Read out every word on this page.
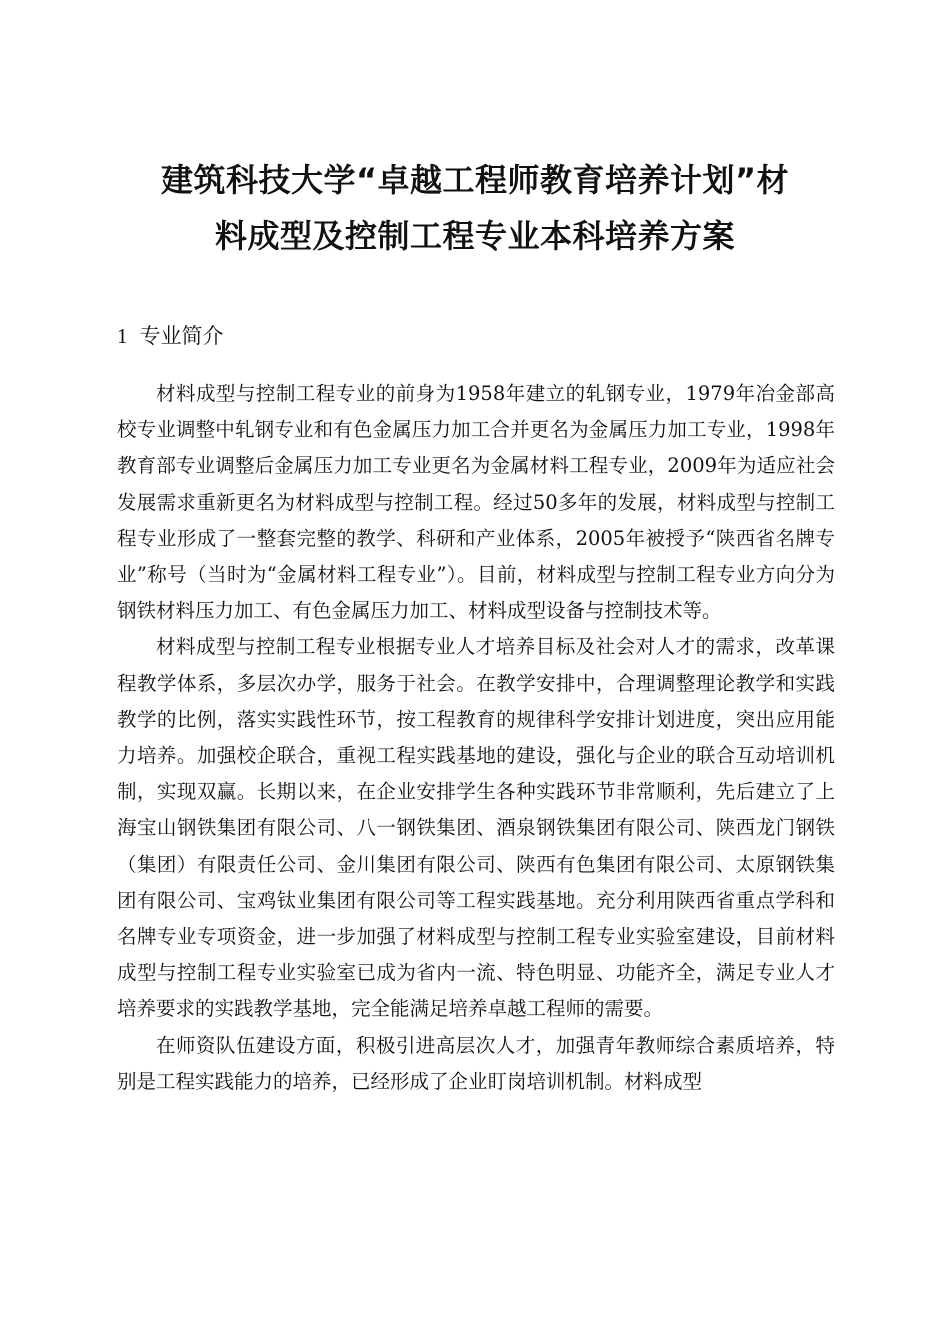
建筑科技大学“卓越工程师教育培养计划”材
料成型及控制工程专业本科培养方案
1 专业简介

材料成型与控制工程专业的前身为1958年建立的轧钢专业，1979年冶金部高校专业调整中轧钢专业和有色金属压力加工合并更名为金属压力加工专业，1998年教育部专业调整后金属压力加工专业更名为金属材料工程专业，2009年为适应社会发展需求重新更名为材料成型与控制工程。经过50多年的发展，材料成型与控制工程专业形成了一整套完整的教学、科研和产业体系，2005年被授予“陕西省名牌专业”称号（当时为“金属材料工程专业”）。目前，材料成型与控制工程专业方向分为钢铁材料压力加工、有色金属压力加工、材料成型设备与控制技术等。

材料成型与控制工程专业根据专业人才培养目标及社会对人才的需求，改革课程教学体系，多层次办学，服务于社会。在教学安排中，合理调整理论教学和实践教学的比例，落实实践性环节，按工程教育的规律科学安排计划进度，突出应用能力培养。加强校企联合，重视工程实践基地的建设，强化与企业的联合互动培训机制，实现双赢。长期以来，在企业安排学生各种实践环节非常顺利，先后建立了上海宝山钢铁集团有限公司、八一钢铁集团、酒泉钢铁集团有限公司、陕西龙门钢铁（集团）有限责任公司、金川集团有限公司、陕西有色集团有限公司、太原钢铁集团有限公司、宝鸡钛业集团有限公司等工程实践基地。充分利用陕西省重点学科和名牌专业专项资金，进一步加强了材料成型与控制工程专业实验室建设，目前材料成型与控制工程专业实验室已成为省内一流、特色明显、功能齐全，满足专业人才培养要求的实践教学基地，完全能满足培养卓越工程师的需要。

在师资队伍建设方面，积极引进高层次人才，加强青年教师综合素质培养，特别是工程实践能力的培养，已经形成了企业盯岗培训机制。材料成型
